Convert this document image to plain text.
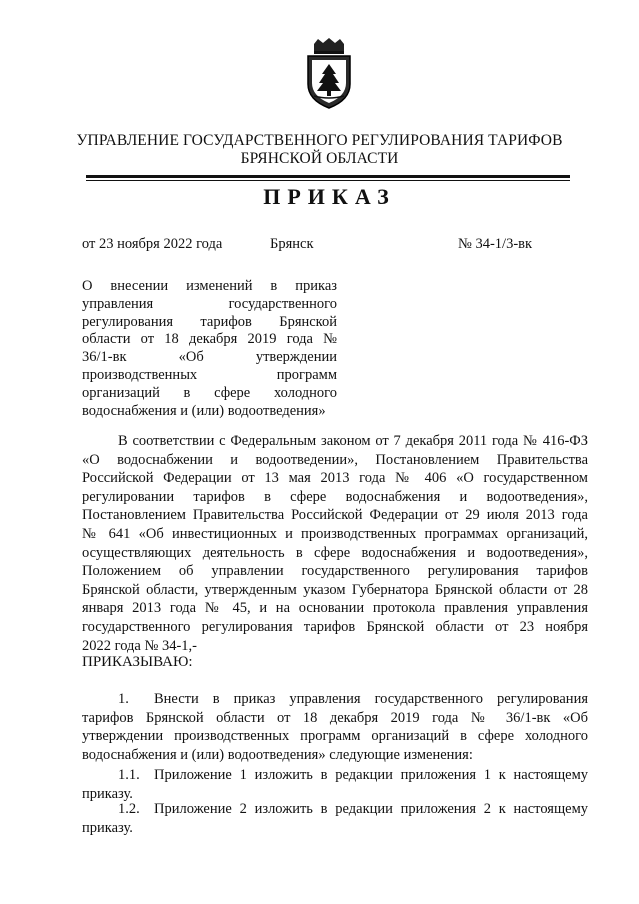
УПРАВЛЕНИЕ ГОСУДАРСТВЕННОГО РЕГУЛИРОВАНИЯ ТАРИФОВ
БРЯНСКОЙ ОБЛАСТИ
ПРИКАЗ
от 23 ноября 2022 года	Брянск	№ 34-1/3-вк
О внесении изменений в приказ
управления государственного
регулирования тарифов Брянской
области от 18 декабря 2019 года №
36/1-вк «Об утверждении
производственных программ
организаций в сфере холодного
водоснабжения и (или) водоотведения»
В соответствии с Федеральным законом от 7 декабря 2011 года № 416-ФЗ
«О водоснабжении и водоотведении», Постановлением Правительства
Российской Федерации от 13 мая 2013 года № 406 «О государственном
регулировании тарифов в сфере водоснабжения и водоотведения»,
Постановлением Правительства Российской Федерации от 29 июля 2013 года
№ 641 «Об инвестиционных и производственных программах организаций,
осуществляющих деятельность в сфере водоснабжения и водоотведения»,
Положением об управлении государственного регулирования тарифов
Брянской области, утвержденным указом Губернатора Брянской области от 28
января 2013 года № 45, и на основании протокола правления управления
государственного регулирования тарифов Брянской области от 23 ноября
2022 года № 34-1,-
ПРИКАЗЫВАЮ:
1. Внести в приказ управления государственного регулирования
тарифов Брянской области от 18 декабря 2019 года № 36/1-вк «Об
утверждении производственных программ организаций в сфере холодного
водоснабжения и (или) водоотведения» следующие изменения:
1.1. Приложение 1 изложить в редакции приложения 1 к настоящему
приказу.
1.2. Приложение 2 изложить в редакции приложения 2 к настоящему
приказу.
